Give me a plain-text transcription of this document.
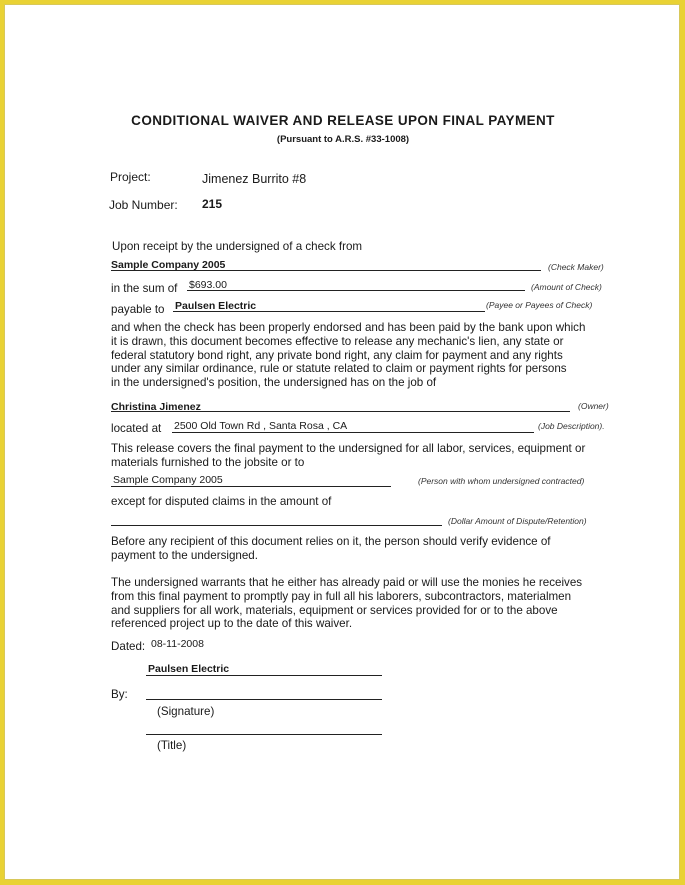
CONDITIONAL WAIVER AND RELEASE UPON FINAL PAYMENT
(Pursuant to A.R.S. #33-1008)
Project:	Jimenez Burrito #8
Job Number: 215
Upon receipt by the undersigned of a check from
Sample Company 2005	(Check Maker)
in the sum of $693.00	(Amount of Check)
payable to Paulsen Electric	(Payee or Payees of Check)
and when the check has been properly endorsed and has been paid by the bank upon which
it is drawn, this document becomes effective to release any mechanic's lien, any state or
federal statutory bond right, any private bond right, any claim for payment and any rights
under any similar ordinance, rule or statute related to claim or payment rights for persons
in the undersigned's position, the undersigned has on the job of
Christina Jimenez	(Owner)
located at 2500 Old Town Rd , Santa Rosa , CA	(Job Description).
This release covers the final payment to the undersigned for all labor, services, equipment or
materials furnished to the jobsite or to
Sample Company 2005	(Person with whom undersigned contracted)
except for disputed claims in the amount of
(Dollar Amount of Dispute/Retention)
Before any recipient of this document relies on it, the person should verify evidence of
payment to the undersigned.
The undersigned warrants that he either has already paid or will use the monies he receives
from this final payment to promptly pay in full all his laborers, subcontractors, materialmen
and suppliers for all work, materials, equipment or services provided for or to the above
referenced project up to the date of this waiver.
Dated: 08-11-2008
Paulsen Electric
By:
(Signature)
(Title)
